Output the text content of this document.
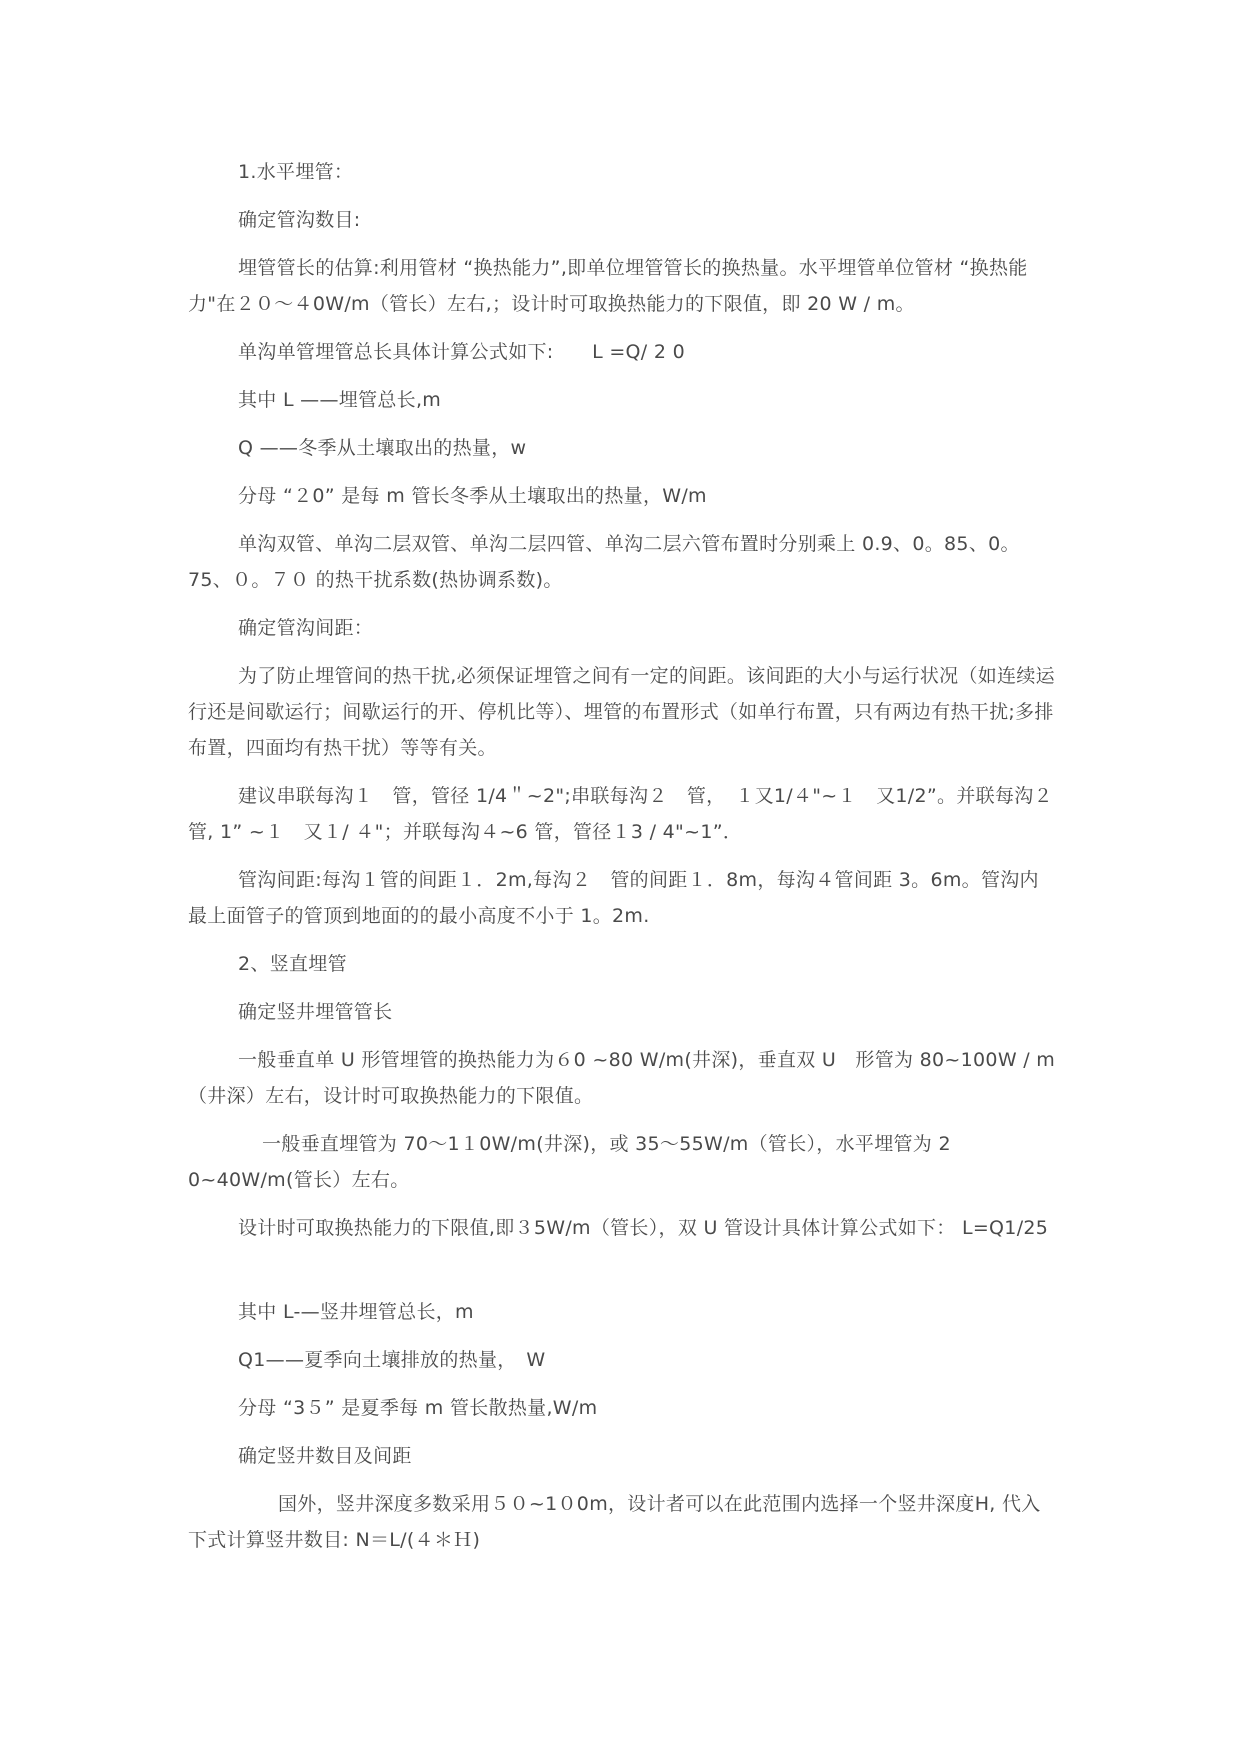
1.水平埋管：

确定管沟数目:

埋管管长的估算:利用管材 “换热能力”,即单位埋管管长的换热量。水平埋管单位管材 “换热能力"在２０～４0W/m（管长）左右,；设计时可取换热能力的下限值，即 20 W / m。

单沟单管埋管总长具体计算公式如下:　　L =Q/ 2 0

其中 L ——埋管总长,m

Q ——冬季从土壤取出的热量，w

分母 “２0” 是每 m 管长冬季从土壤取出的热量，W/m

单沟双管、单沟二层双管、单沟二层四管、单沟二层六管布置时分别乘上 0.9、0。85、0。75、０。７０ 的热干扰系数(热协调系数)。

确定管沟间距：

为了防止埋管间的热干扰,必须保证埋管之间有一定的间距。该间距的大小与运行状况（如连续运行还是间歇运行；间歇运行的开、停机比等）、埋管的布置形式（如单行布置，只有两边有热干扰;多排布置，四面均有热干扰）等等有关。

建议串联每沟１　管，管径 1/4＂~2";串联每沟２　管，　１又1/４"~１　又1/2”。并联每沟２　管, 1” ~１　又１/ ４"；并联每沟４~6 管，管径１3 / 4"~1”．

管沟间距:每沟１管的间距１．2m,每沟２　管的间距１．8m，每沟４管间距 3。6m。管沟内最上面管子的管顶到地面的的最小高度不小于 1。2m.

2、竖直埋管

确定竖井埋管管长

一般垂直单 U 形管埋管的换热能力为６0 ~80 W/m(井深)，垂直双 U　形管为 80~100W / m（井深）左右，设计时可取换热能力的下限值。

一般垂直埋管为 70～1１0W/m(井深)，或 35～55W/m（管长），水平埋管为 2 0~40W/m(管长）左右。

设计时可取换热能力的下限值,即３5W/m（管长），双 U 管设计具体计算公式如下： L=Q1/25

其中 L-—竖井埋管总长，m

Q1——夏季向土壤排放的热量，　W

分母 “3５” 是夏季每 m 管长散热量,W/m

确定竖井数目及间距

国外，竖井深度多数采用５０~1０0m，设计者可以在此范围内选择一个竖井深度H, 代入下式计算竖井数目: N＝L/(４＊Ｈ)
